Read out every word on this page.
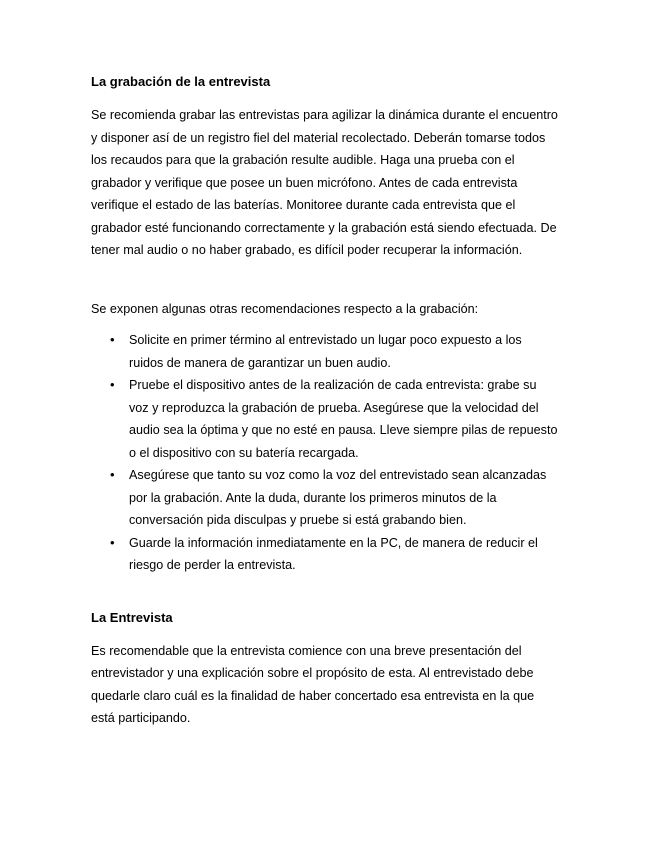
La grabación de la entrevista

Se recomienda grabar las entrevistas para agilizar la dinámica durante el encuentro y disponer así de un registro fiel del material recolectado. Deberán tomarse todos los recaudos para que la grabación resulte audible. Haga una prueba con el grabador y verifique que posee un buen micrófono. Antes de cada entrevista verifique el estado de las baterías. Monitoree durante cada entrevista que el grabador esté funcionando correctamente y la grabación está siendo efectuada. De tener mal audio o no haber grabado, es difícil poder recuperar la información.

Se exponen algunas otras recomendaciones respecto a la grabación:

• Solicite en primer término al entrevistado un lugar poco expuesto a los ruidos de manera de garantizar un buen audio.
• Pruebe el dispositivo antes de la realización de cada entrevista: grabe su voz y reproduzca la grabación de prueba. Asegúrese que la velocidad del audio sea la óptima y que no esté en pausa. Lleve siempre pilas de repuesto o el dispositivo con su batería recargada.
• Asegúrese que tanto su voz como la voz del entrevistado sean alcanzadas por la grabación. Ante la duda, durante los primeros minutos de la conversación pida disculpas y pruebe si está grabando bien.
• Guarde la información inmediatamente en la PC, de manera de reducir el riesgo de perder la entrevista.

La Entrevista

Es recomendable que la entrevista comience con una breve presentación del entrevistador y una explicación sobre el propósito de esta. Al entrevistado debe quedarle claro cuál es la finalidad de haber concertado esa entrevista en la que está participando.
